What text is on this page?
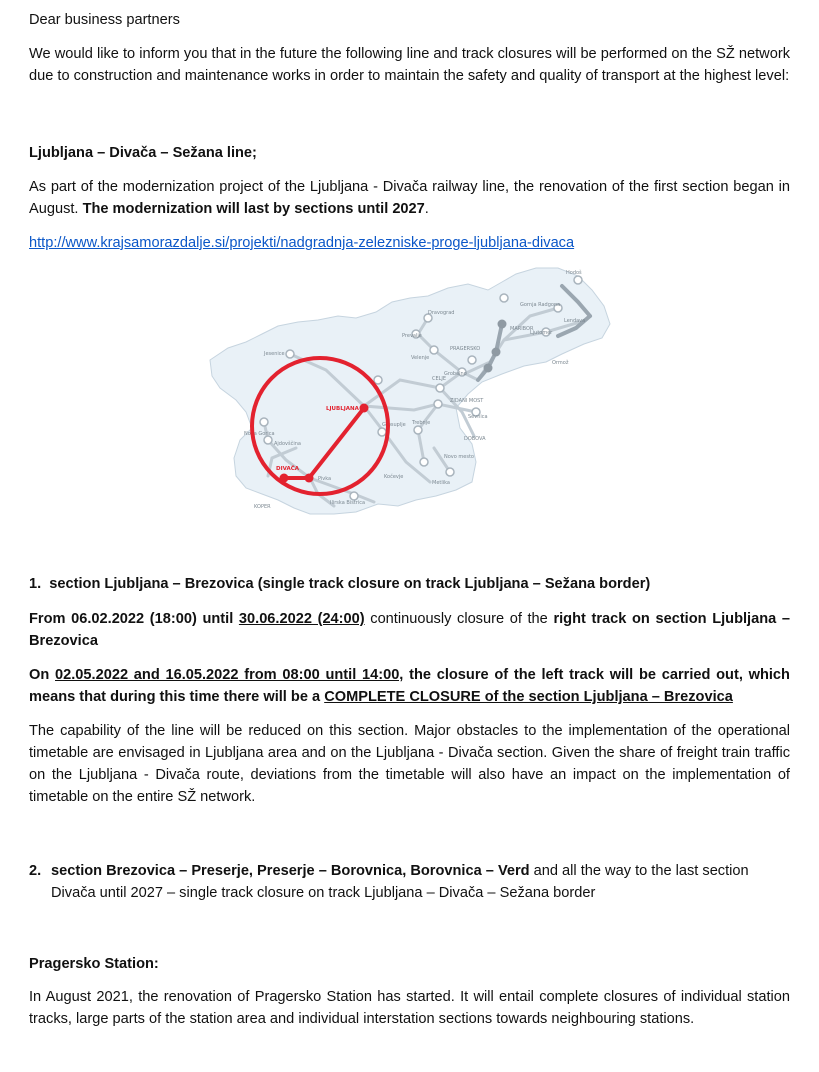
Dear business partners

We would like to inform you that in the future the following line and track closures will be performed on the SŽ network due to construction and maintenance works in order to maintain the safety and quality of transport at the highest level:

Ljubljana – Divača – Sežana line;

As part of the modernization project of the Ljubljana - Divača railway line, the renovation of the first section began in August. The modernization will last by sections until 2027.

http://www.krajsamorazdalje.si/projekti/nadgradnja-zelezniske-proge-ljubljana-divaca

Jesenice
Dravograd
Prevalje
Velenje
CELJE
PRAGERSKO
Grobelno
ZIDANI MOST
Sevnica
DOBOVA
MARIBOR
Gornja Radgona
Ljutomer
Lendava
Hodoš
Ormož
Nova Gorica
Ajdovščina
Grosuplje Trebnje
Metlika
Kočevje
Pivka
Ilirska Bistrica
KOPER
Novo mesto
LJUBLJANA
DIVAČA

1. section Ljubljana – Brezovica (single track closure on track Ljubljana – Sežana border)

From 06.02.2022 (18:00) until 30.06.2022 (24:00) continuously closure of the right track on section Ljubljana – Brezovica

On 02.05.2022 and 16.05.2022 from 08:00 until 14:00, the closure of the left track will be carried out, which means that during this time there will be a COMPLETE CLOSURE of the section Ljubljana – Brezovica

The capability of the line will be reduced on this section. Major obstacles to the implementation of the operational timetable are envisaged in Ljubljana area and on the Ljubljana - Divača section. Given the share of freight train traffic on the Ljubljana - Divača route, deviations from the timetable will also have an impact on the implementation of timetable on the entire SŽ network.

2. section Brezovica – Preserje, Preserje – Borovnica, Borovnica – Verd and all the way to the last section Divača until 2027 – single track closure on track Ljubljana – Divača – Sežana border

Pragersko Station:

In August 2021, the renovation of Pragersko Station has started. It will entail complete closures of individual station tracks, large parts of the station area and individual interstation sections towards neighbouring stations.
